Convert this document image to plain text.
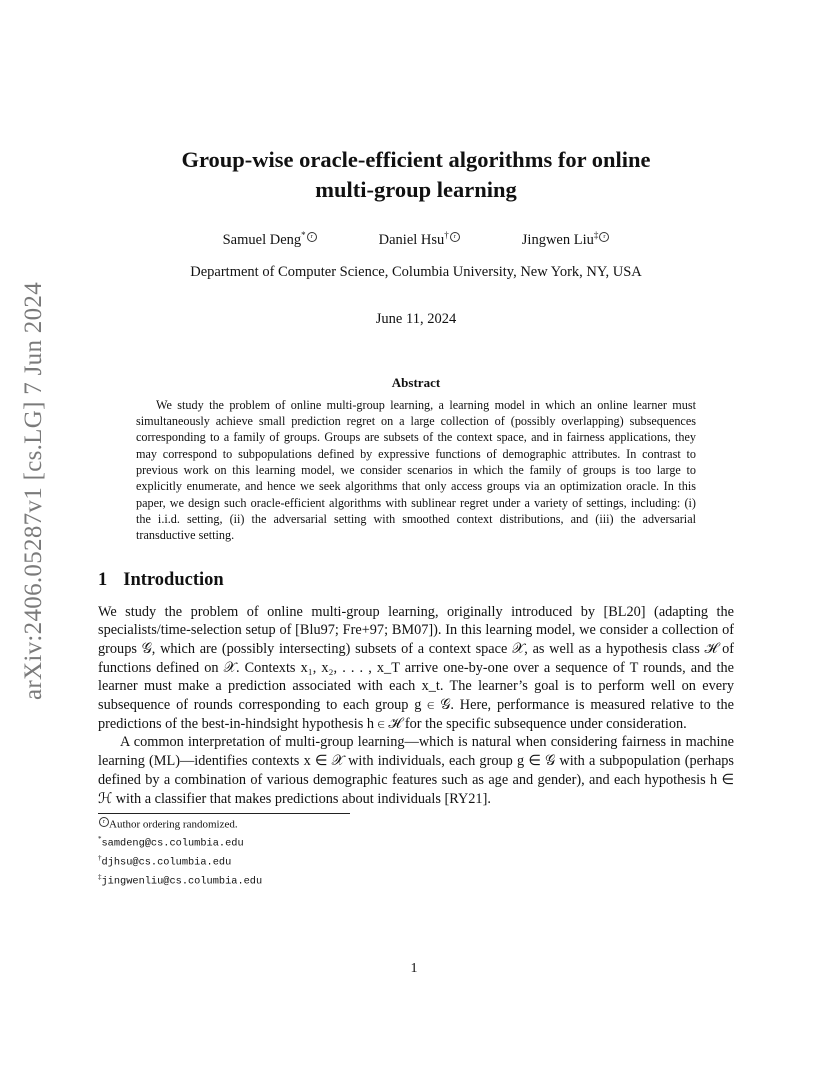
arXiv:2406.05287v1 [cs.LG] 7 Jun 2024
Group-wise oracle-efficient algorithms for online
multi-group learning
Samuel Deng* r	Daniel Hsu† r	Jingwen Liu‡ r
Department of Computer Science, Columbia University, New York, NY, USA
June 11, 2024
Abstract
We study the problem of online multi-group learning, a learning model in which an online learner must simultaneously achieve small prediction regret on a large collection of (possibly overlapping) subsequences corresponding to a family of groups. Groups are subsets of the context space, and in fairness applications, they may correspond to subpopulations defined by expressive functions of demographic attributes. In contrast to previous work on this learning model, we consider scenarios in which the family of groups is too large to explicitly enumerate, and hence we seek algorithms that only access groups via an optimization oracle. In this paper, we design such oracle-efficient algorithms with sublinear regret under a variety of settings, including: (i) the i.i.d. setting, (ii) the adversarial setting with smoothed context distributions, and (iii) the adversarial transductive setting.
1 Introduction

We study the problem of online multi-group learning, originally introduced by [BL20] (adapting the specialists/time-selection setup of [Blu97; Fre+97; BM07]). In this learning model, we consider a collection of groups 𝒢, which are (possibly intersecting) subsets of a context space 𝒳, as well as a hypothesis class ℋ of functions defined on 𝒳. Contexts x₁, x₂, . . . , x_T arrive one-by-one over a sequence of T rounds, and the learner must make a prediction associated with each x_t. The learner’s goal is to perform well on every subsequence of rounds corresponding to each group g ∈ 𝒢. Here, performance is measured relative to the predictions of the best-in-hindsight hypothesis h ∈ ℋ for the specific subsequence under consideration.

A common interpretation of multi-group learning—which is natural when considering fairness in machine learning (ML)—identifies contexts x ∈ 𝒳 with individuals, each group g ∈ 𝒢 with a subpopulation (perhaps defined by a combination of various demographic features such as age and gender), and each hypothesis h ∈ ℋ with a classifier that makes predictions about individuals [RY21].

r Author ordering randomized.
*samdeng@cs.columbia.edu
†djhsu@cs.columbia.edu
‡jingwenliu@cs.columbia.edu
1
